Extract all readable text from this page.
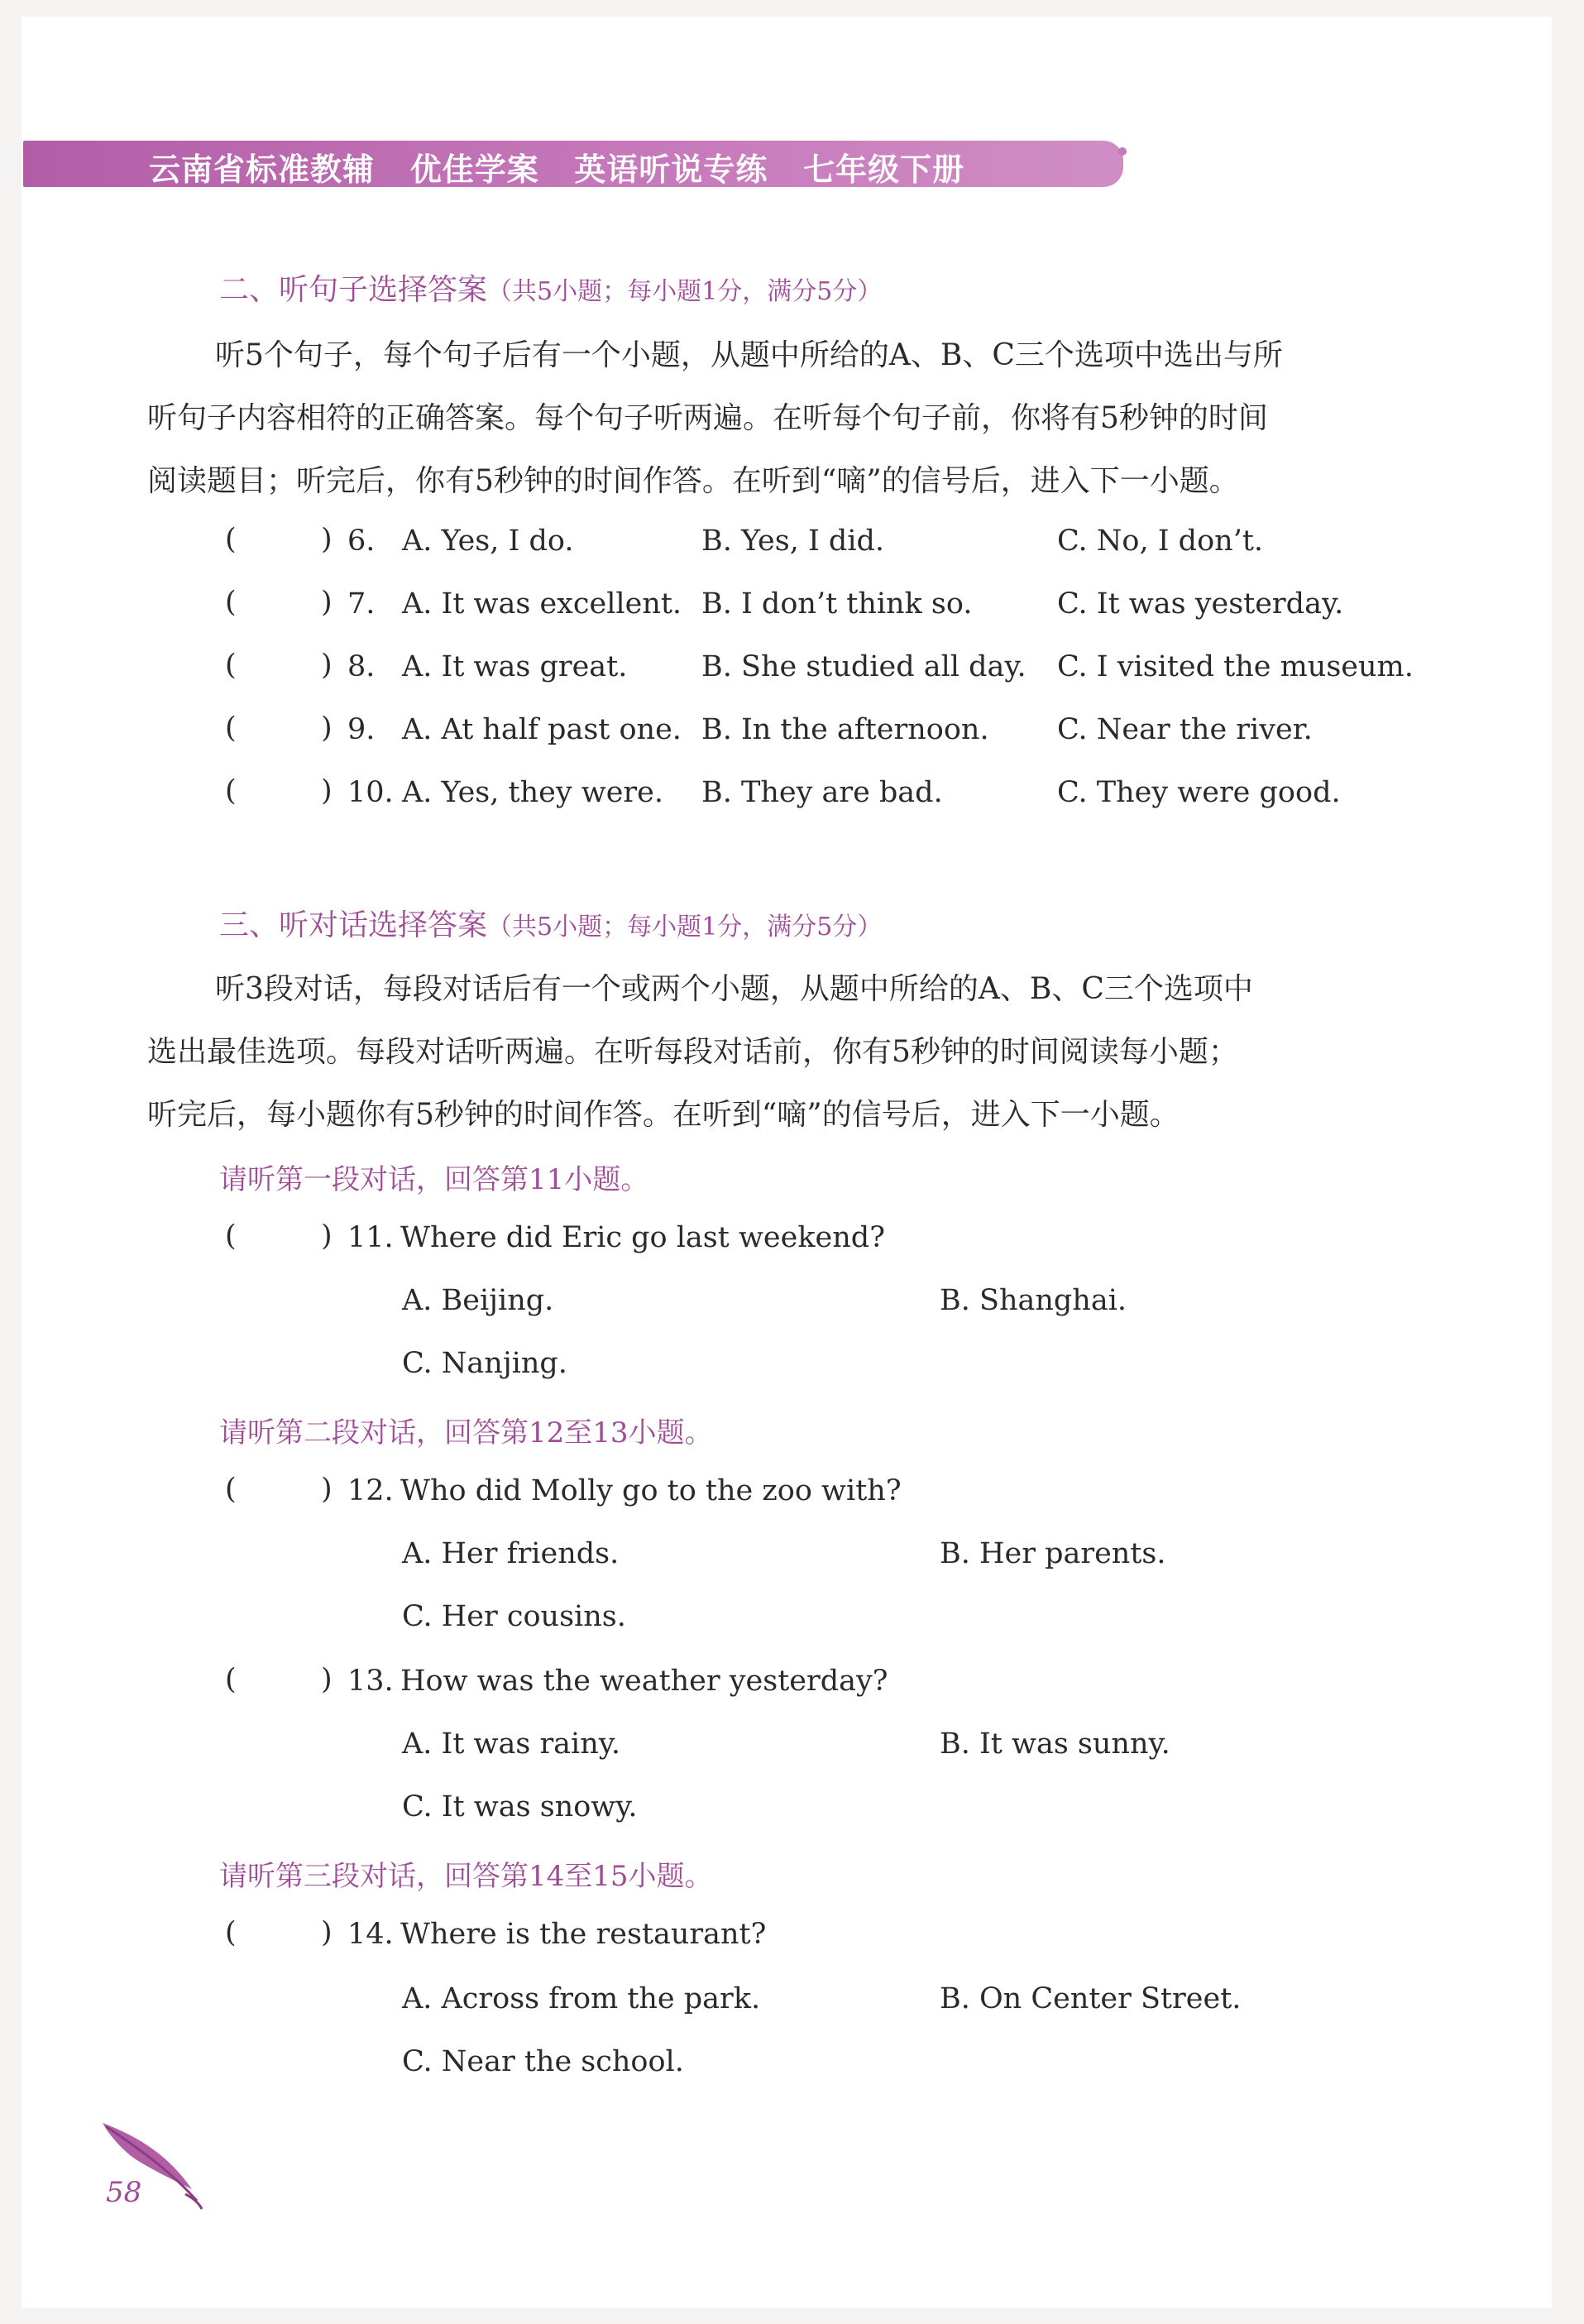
云南省标准教辅   优佳学案   英语听说专练   七年级下册
二、听句子选择答案（共5小题；每小题1分，满分5分）
听5个句子，每个句子后有一个小题，从题中所给的A、B、C三个选项中选出与所
听句子内容相符的正确答案。每个句子听两遍。在听每个句子前，你将有5秒钟的时间
阅读题目；听完后，你有5秒钟的时间作答。在听到“嘀”的信号后，进入下一小题。
(	) 6. A. Yes, I do.	B. Yes, I did.	C. No, I don’t.
(	) 7. A. It was excellent. B. I don’t think so.	C. It was yesterday.
(	) 8. A. It was great.	B. She studied all day. C. I visited the museum.
(	) 9. A. At half past one. B. In the afternoon. C. Near the river.
(	) 10. A. Yes, they were. B. They are bad.	C. They were good.
三、听对话选择答案（共5小题；每小题1分，满分5分）
听3段对话，每段对话后有一个或两个小题，从题中所给的A、B、C三个选项中
选出最佳选项。每段对话听两遍。在听每段对话前，你有5秒钟的时间阅读每小题；
听完后，每小题你有5秒钟的时间作答。在听到“嘀”的信号后，进入下一小题。
请听第一段对话，回答第11小题。
(	) 11. Where did Eric go last weekend?
A. Beijing.	B. Shanghai.
C. Nanjing.
请听第二段对话，回答第12至13小题。
(	) 12. Who did Molly go to the zoo with?
A. Her friends.	B. Her parents.
C. Her cousins.
(	) 13. How was the weather yesterday?
A. It was rainy.	B. It was sunny.
C. It was snowy.
请听第三段对话，回答第14至15小题。
(	) 14. Where is the restaurant?
A. Across from the park.	B. On Center Street.
C. Near the school.
58
